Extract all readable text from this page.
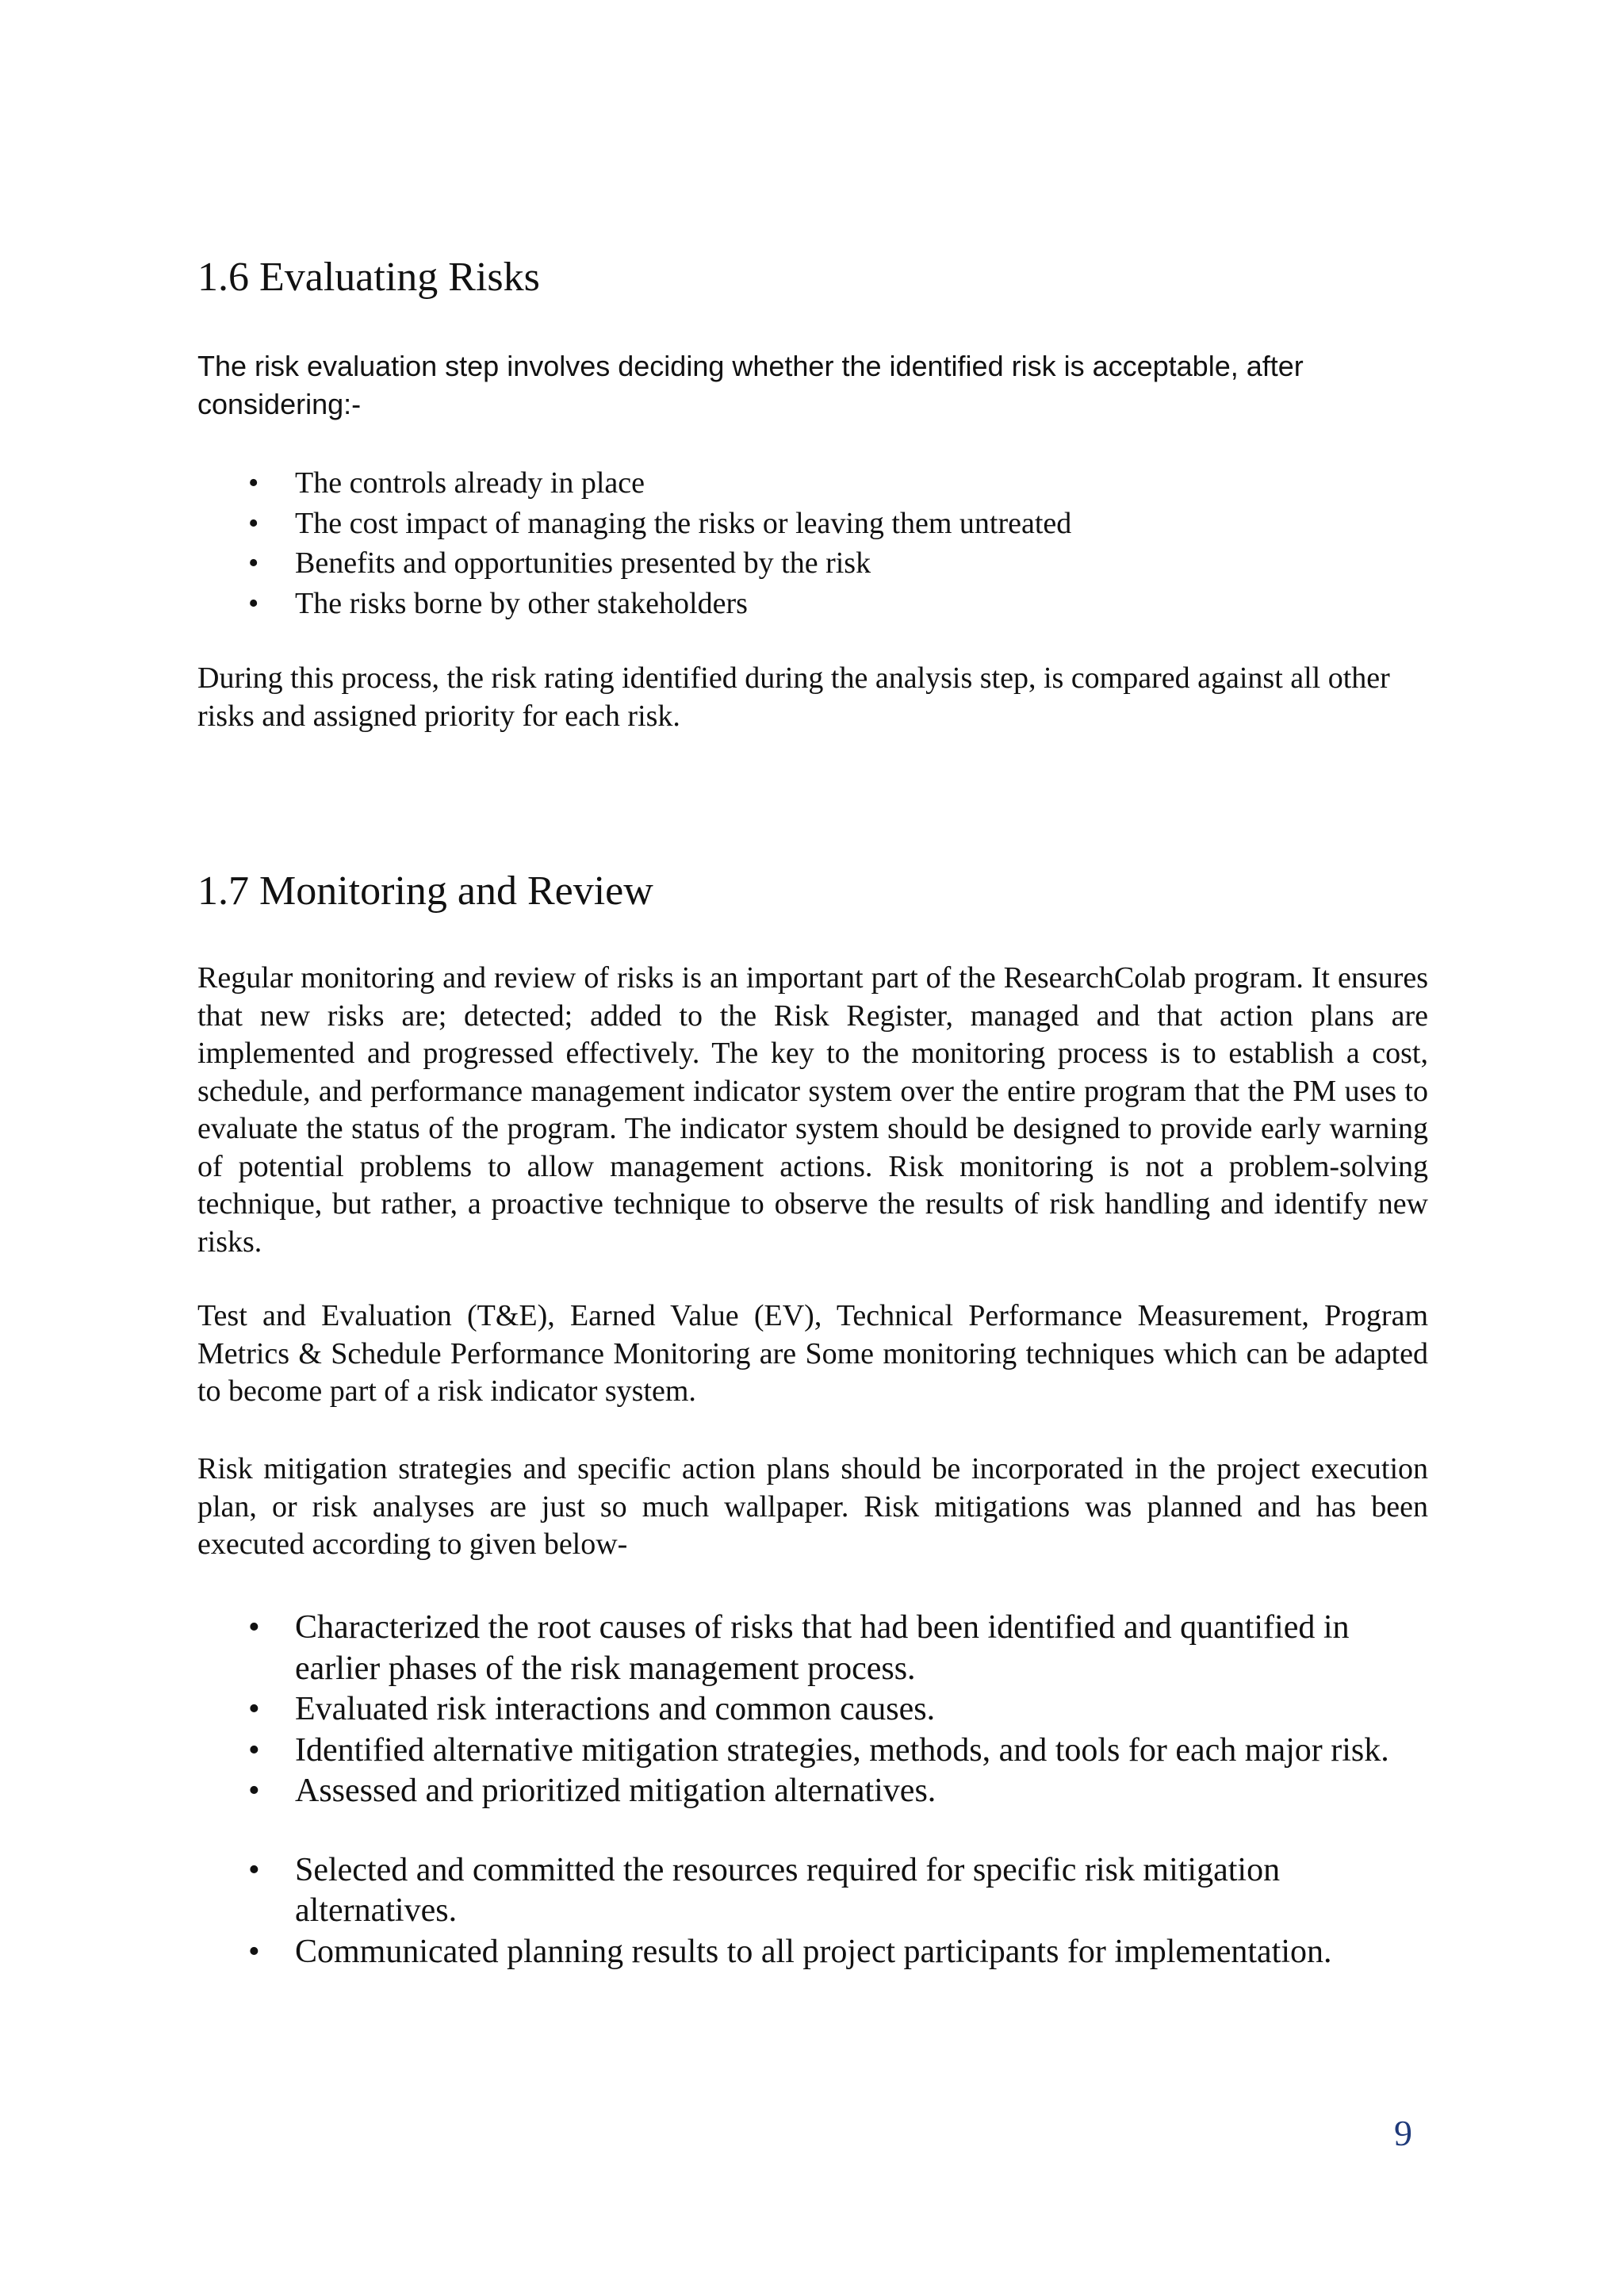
1.6 Evaluating Risks

The risk evaluation step involves deciding whether the identified risk is acceptable, after considering:-

• The controls already in place
• The cost impact of managing the risks or leaving them untreated
• Benefits and opportunities presented by the risk
• The risks borne by other stakeholders

During this process, the risk rating identified during the analysis step, is compared against all other risks and assigned priority for each risk.

1.7 Monitoring and Review

Regular monitoring and review of risks is an important part of the ResearchColab program. It ensures that new risks are; detected; added to the Risk Register, managed and that action plans are implemented and progressed effectively. The key to the monitoring process is to establish a cost, schedule, and performance management indicator system over the entire program that the PM uses to evaluate the status of the program. The indicator system should be designed to provide early warning of potential problems to allow management actions. Risk monitoring is not a problem-solving technique, but rather, a proactive technique to observe the results of risk handling and identify new risks.

Test and Evaluation (T&E), Earned Value (EV), Technical Performance Measurement, Program Metrics & Schedule Performance Monitoring are Some monitoring techniques which can be adapted to become part of a risk indicator system.

Risk mitigation strategies and specific action plans should be incorporated in the project execution plan, or risk analyses are just so much wallpaper. Risk mitigations was planned and has been executed according to given below-

• Characterized the root causes of risks that had been identified and quantified in earlier phases of the risk management process.
• Evaluated risk interactions and common causes.
• Identified alternative mitigation strategies, methods, and tools for each major risk.
• Assessed and prioritized mitigation alternatives.
• Selected and committed the resources required for specific risk mitigation alternatives.
• Communicated planning results to all project participants for implementation.
9
